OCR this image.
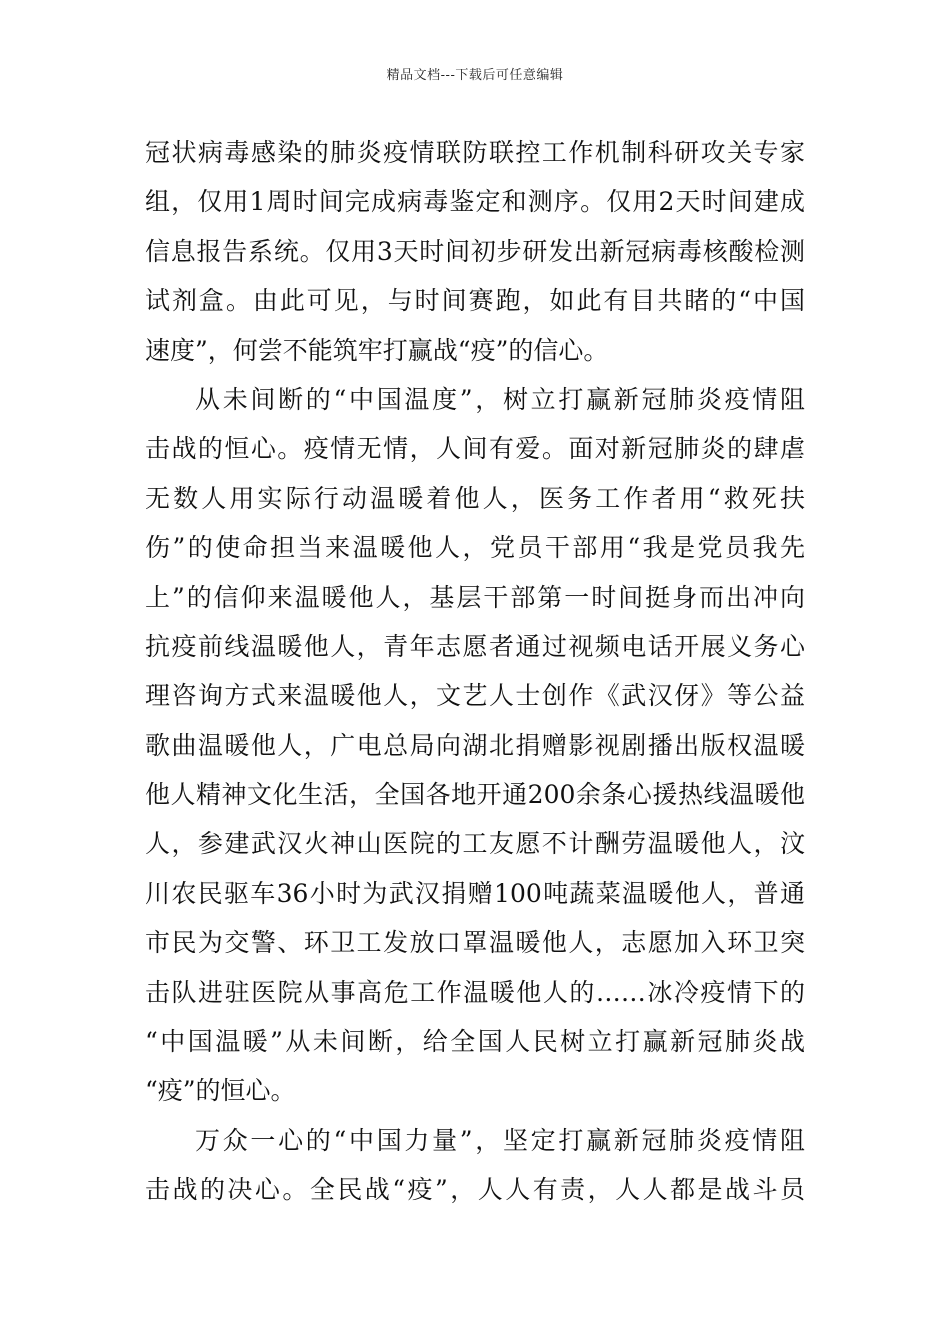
精品文档---下载后可任意编辑
冠状病毒感染的肺炎疫情联防联控工作机制科研攻关专家
组，仅用1周时间完成病毒鉴定和测序。仅用2天时间建成
信息报告系统。仅用3天时间初步研发出新冠病毒核酸检测
试剂盒。由此可见，与时间赛跑，如此有目共睹的“中国
速度”，何尝不能筑牢打赢战“疫”的信心。
从未间断的“中国温度”，树立打赢新冠肺炎疫情阻
击战的恒心。疫情无情，人间有爱。面对新冠肺炎的肆虐
无数人用实际行动温暖着他人，医务工作者用“救死扶
伤”的使命担当来温暖他人，党员干部用“我是党员我先
上”的信仰来温暖他人，基层干部第一时间挺身而出冲向
抗疫前线温暖他人，青年志愿者通过视频电话开展义务心
理咨询方式来温暖他人，文艺人士创作《武汉伢》等公益
歌曲温暖他人，广电总局向湖北捐赠影视剧播出版权温暖
他人精神文化生活，全国各地开通200余条心援热线温暖他
人，参建武汉火神山医院的工友愿不计酬劳温暖他人，汶
川农民驱车36小时为武汉捐赠100吨蔬菜温暖他人，普通
市民为交警、环卫工发放口罩温暖他人，志愿加入环卫突
击队进驻医院从事高危工作温暖他人的……冰冷疫情下的
“中国温暖”从未间断，给全国人民树立打赢新冠肺炎战
“疫”的恒心。
万众一心的“中国力量”，坚定打赢新冠肺炎疫情阻
击战的决心。全民战“疫”，人人有责，人人都是战斗员
